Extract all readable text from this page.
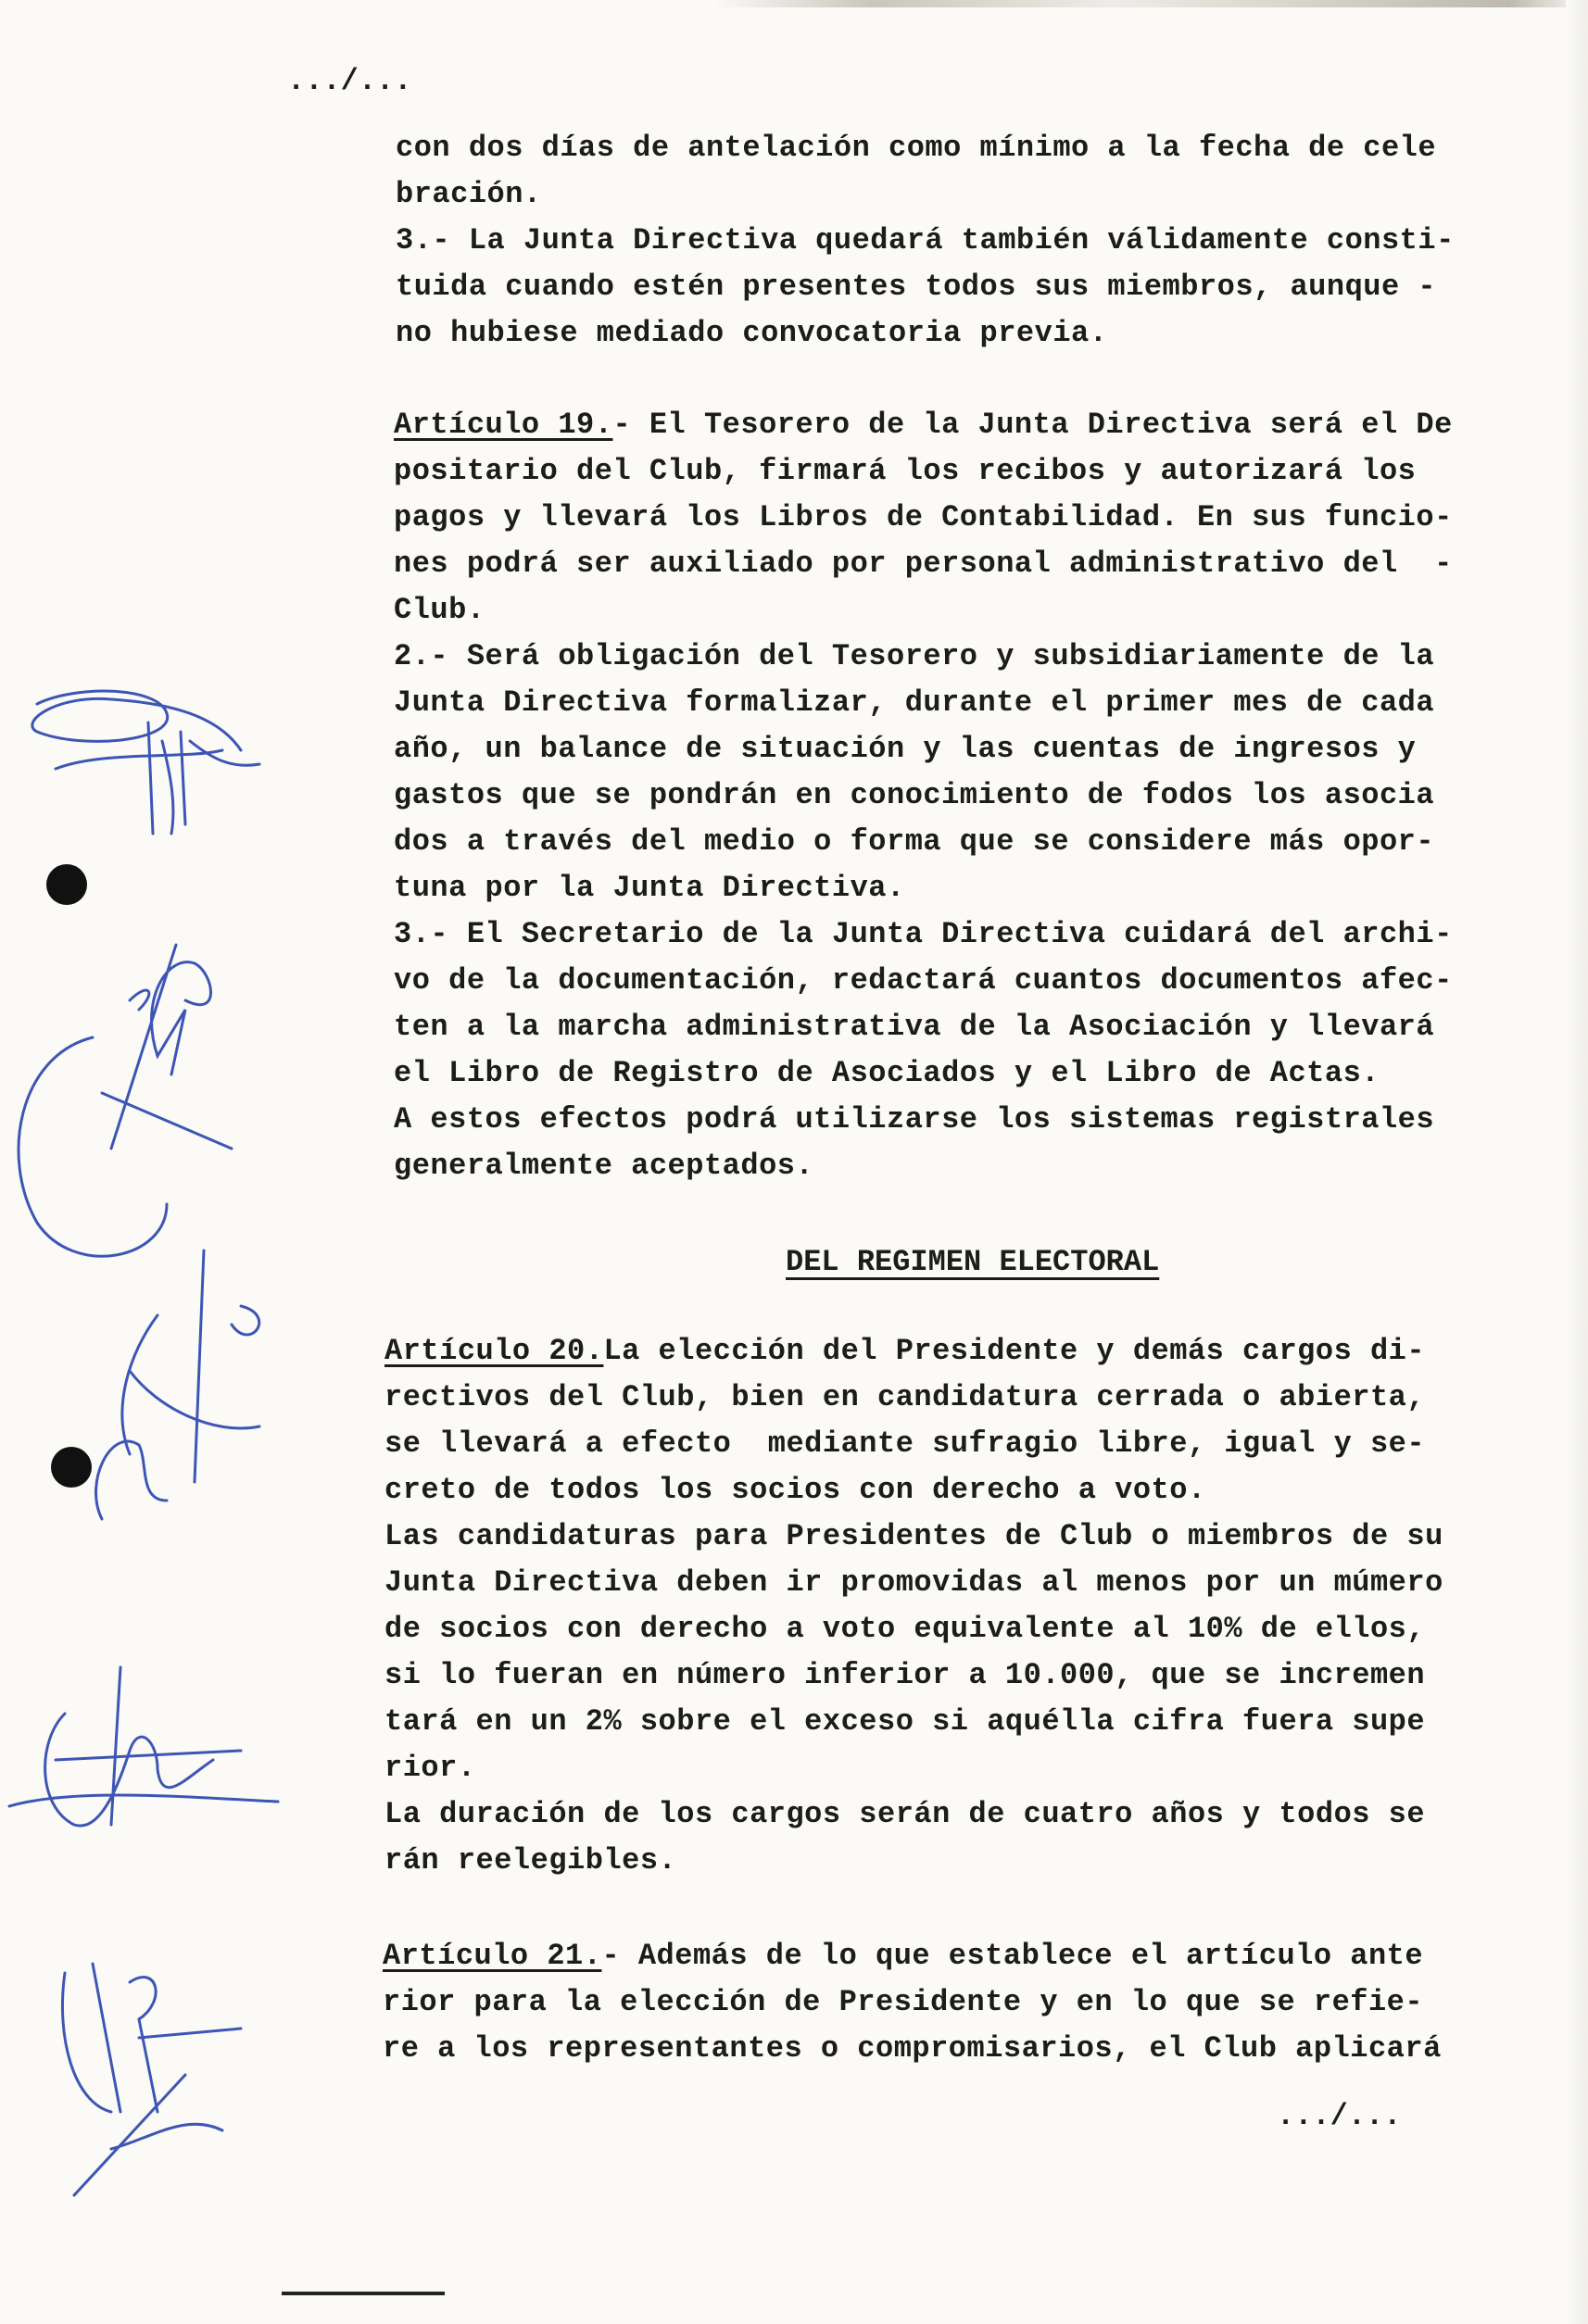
.../...
con dos días de antelación como mínimo a la fecha de cele
bración.
3.- La Junta Directiva quedará también válidamente consti-
tuida cuando estén presentes todos sus miembros, aunque -
no hubiese mediado convocatoria previa.
Artículo 19.- El Tesorero de la Junta Directiva será el De
positario del Club, firmará los recibos y autorizará los
pagos y llevará los Libros de Contabilidad. En sus funcio-
nes podrá ser auxiliado por personal administrativo del  -
Club.
2.- Será obligación del Tesorero y subsidiariamente de la
Junta Directiva formalizar, durante el primer mes de cada
año, un balance de situación y las cuentas de ingresos y
gastos que se pondrán en conocimiento de fodos los asocia
dos a través del medio o forma que se considere más opor-
tuna por la Junta Directiva.
3.- El Secretario de la Junta Directiva cuidará del archi-
vo de la documentación, redactará cuantos documentos afec-
ten a la marcha administrativa de la Asociación y llevará
el Libro de Registro de Asociados y el Libro de Actas.
A estos efectos podrá utilizarse los sistemas registrales
generalmente aceptados.
DEL REGIMEN ELECTORAL
Artículo 20.La elección del Presidente y demás cargos di-
rectivos del Club, bien en candidatura cerrada o abierta,
se llevará a efecto  mediante sufragio libre, igual y se-
creto de todos los socios con derecho a voto.
Las candidaturas para Presidentes de Club o miembros de su
Junta Directiva deben ir promovidas al menos por un múmero
de socios con derecho a voto equivalente al 10% de ellos,
si lo fueran en número inferior a 10.000, que se incremen
tará en un 2% sobre el exceso si aquélla cifra fuera supe
rior.
La duración de los cargos serán de cuatro años y todos se
rán reelegibles.
Artículo 21.- Además de lo que establece el artículo ante
rior para la elección de Presidente y en lo que se refie-
re a los representantes o compromisarios, el Club aplicará
.../...
